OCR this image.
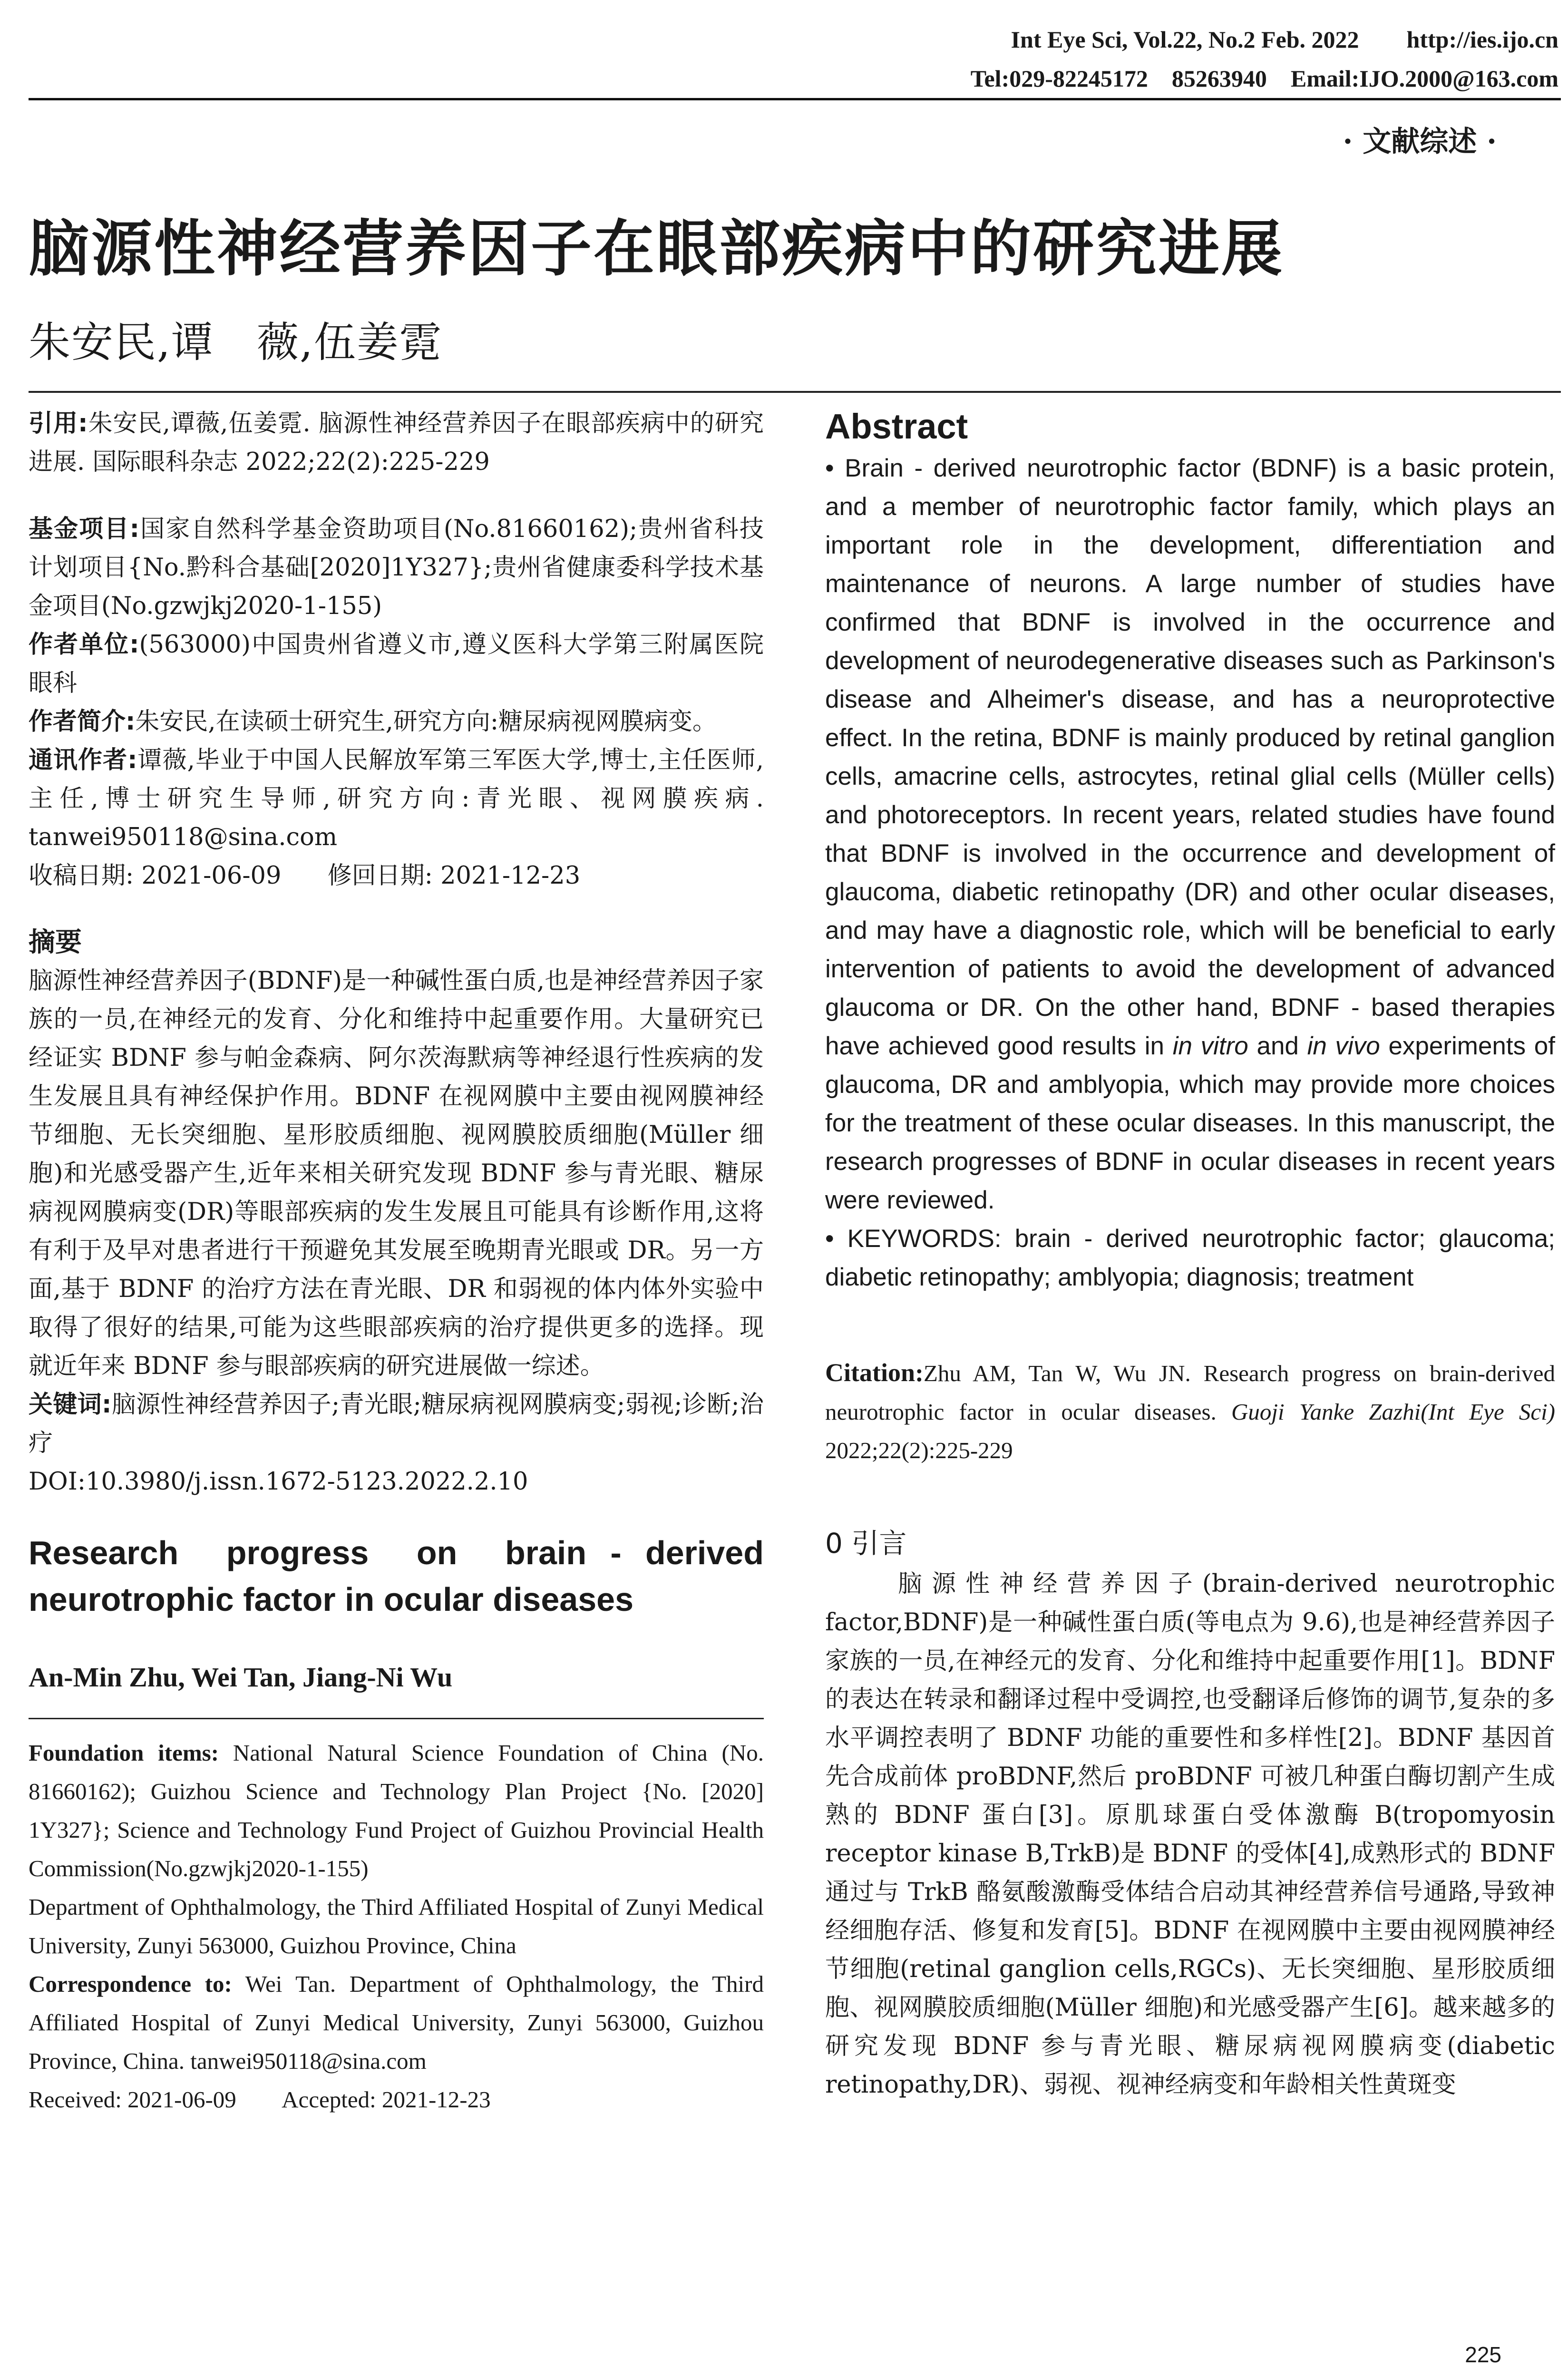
Int Eye Sci, Vol.22, No.2 Feb. 2022        http://ies.ijo.cn
Tel:029-82245172    85263940    Email:IJO.2000@163.com
· 文献综述 ·
脑源性神经营养因子在眼部疾病中的研究进展
朱安民,谭   薇,伍姜霓

引用:朱安民,谭薇,伍姜霓. 脑源性神经营养因子在眼部疾病中的研究进展. 国际眼科杂志 2022;22(2):225-229

基金项目:国家自然科学基金资助项目(No.81660162);贵州省科技计划项目{No.黔科合基础[2020]1Y327};贵州省健康委科学技术基金项目(No.gzwjkj2020-1-155)

作者单位:(563000)中国贵州省遵义市,遵义医科大学第三附属医院眼科

作者简介:朱安民,在读硕士研究生,研究方向:糖尿病视网膜病变。

通讯作者:谭薇,毕业于中国人民解放军第三军医大学,博士,主任医师,主任,博士研究生导师,研究方向:青光眼、视网膜疾病. tanwei950118@sina.com

收稿日期: 2021-06-09      修回日期: 2021-12-23

摘要

脑源性神经营养因子(BDNF)是一种碱性蛋白质,也是神经营养因子家族的一员,在神经元的发育、分化和维持中起重要作用。大量研究已经证实 BDNF 参与帕金森病、阿尔茨海默病等神经退行性疾病的发生发展且具有神经保护作用。BDNF 在视网膜中主要由视网膜神经节细胞、无长突细胞、星形胶质细胞、视网膜胶质细胞(Müller 细胞)和光感受器产生,近年来相关研究发现 BDNF 参与青光眼、糖尿病视网膜病变(DR)等眼部疾病的发生发展且可能具有诊断作用,这将有利于及早对患者进行干预避免其发展至晚期青光眼或 DR。另一方面,基于 BDNF 的治疗方法在青光眼、DR 和弱视的体内体外实验中取得了很好的结果,可能为这些眼部疾病的治疗提供更多的选择。现就近年来 BDNF 参与眼部疾病的研究进展做一综述。

关键词:脑源性神经营养因子;青光眼;糖尿病视网膜病变;弱视;诊断;治疗

DOI:10.3980/j.issn.1672-5123.2022.2.10

Research  progress  on  brain - derived
neurotrophic factor in ocular diseases
An-Min Zhu, Wei Tan, Jiang-Ni Wu

Foundation items: National Natural Science Foundation of China (No. 81660162); Guizhou Science and Technology Plan Project {No. [2020] 1Y327}; Science and Technology Fund Project of Guizhou Provincial Health Commission(No.gzwjkj2020-1-155)

Department of Ophthalmology, the Third Affiliated Hospital of Zunyi Medical University, Zunyi 563000, Guizhou Province, China

Correspondence to: Wei Tan. Department of Ophthalmology, the Third Affiliated Hospital of Zunyi Medical University, Zunyi 563000, Guizhou Province, China. tanwei950118@sina.com

Received: 2021-06-09        Accepted: 2021-12-23

Abstract

• Brain - derived neurotrophic factor (BDNF) is a basic protein, and a member of neurotrophic factor family, which plays an important role in the development, differentiation and maintenance of neurons. A large number of studies have confirmed that BDNF is involved in the occurrence and development of neurodegenerative diseases such as Parkinson's disease and Alheimer's disease, and has a neuroprotective effect. In the retina, BDNF is mainly produced by retinal ganglion cells, amacrine cells, astrocytes, retinal glial cells (Müller cells) and photoreceptors. In recent years, related studies have found that BDNF is involved in the occurrence and development of glaucoma, diabetic retinopathy (DR) and other ocular diseases, and may have a diagnostic role, which will be beneficial to early intervention of patients to avoid the development of advanced glaucoma or DR. On the other hand, BDNF - based therapies have achieved good results in in vitro and in vivo experiments of glaucoma, DR and amblyopia, which may provide more choices for the treatment of these ocular diseases. In this manuscript, the research progresses of BDNF in ocular diseases in recent years were reviewed.

• KEYWORDS: brain - derived neurotrophic factor; glaucoma; diabetic retinopathy; amblyopia; diagnosis; treatment

Citation:Zhu AM, Tan W, Wu JN. Research progress on brain-derived neurotrophic factor in ocular diseases. Guoji Yanke Zazhi(Int Eye Sci) 2022;22(2):225-229

0 引言

脑源性神经营养因子(brain-derived neurotrophic factor,BDNF)是一种碱性蛋白质(等电点为 9.6),也是神经营养因子家族的一员,在神经元的发育、分化和维持中起重要作用[1]。BDNF 的表达在转录和翻译过程中受调控,也受翻译后修饰的调节,复杂的多水平调控表明了 BDNF 功能的重要性和多样性[2]。BDNF 基因首先合成前体 proBDNF,然后 proBDNF 可被几种蛋白酶切割产生成熟的 BDNF 蛋白[3]。原肌球蛋白受体激酶 B(tropomyosin receptor kinase B,TrkB)是 BDNF 的受体[4],成熟形式的 BDNF 通过与 TrkB 酪氨酸激酶受体结合启动其神经营养信号通路,导致神经细胞存活、修复和发育[5]。BDNF 在视网膜中主要由视网膜神经节细胞(retinal ganglion cells,RGCs)、无长突细胞、星形胶质细胞、视网膜胶质细胞(Müller 细胞)和光感受器产生[6]。越来越多的研究发现 BDNF 参与青光眼、糖尿病视网膜病变(diabetic retinopathy,DR)、弱视、视神经病变和年龄相关性黄斑变

225
